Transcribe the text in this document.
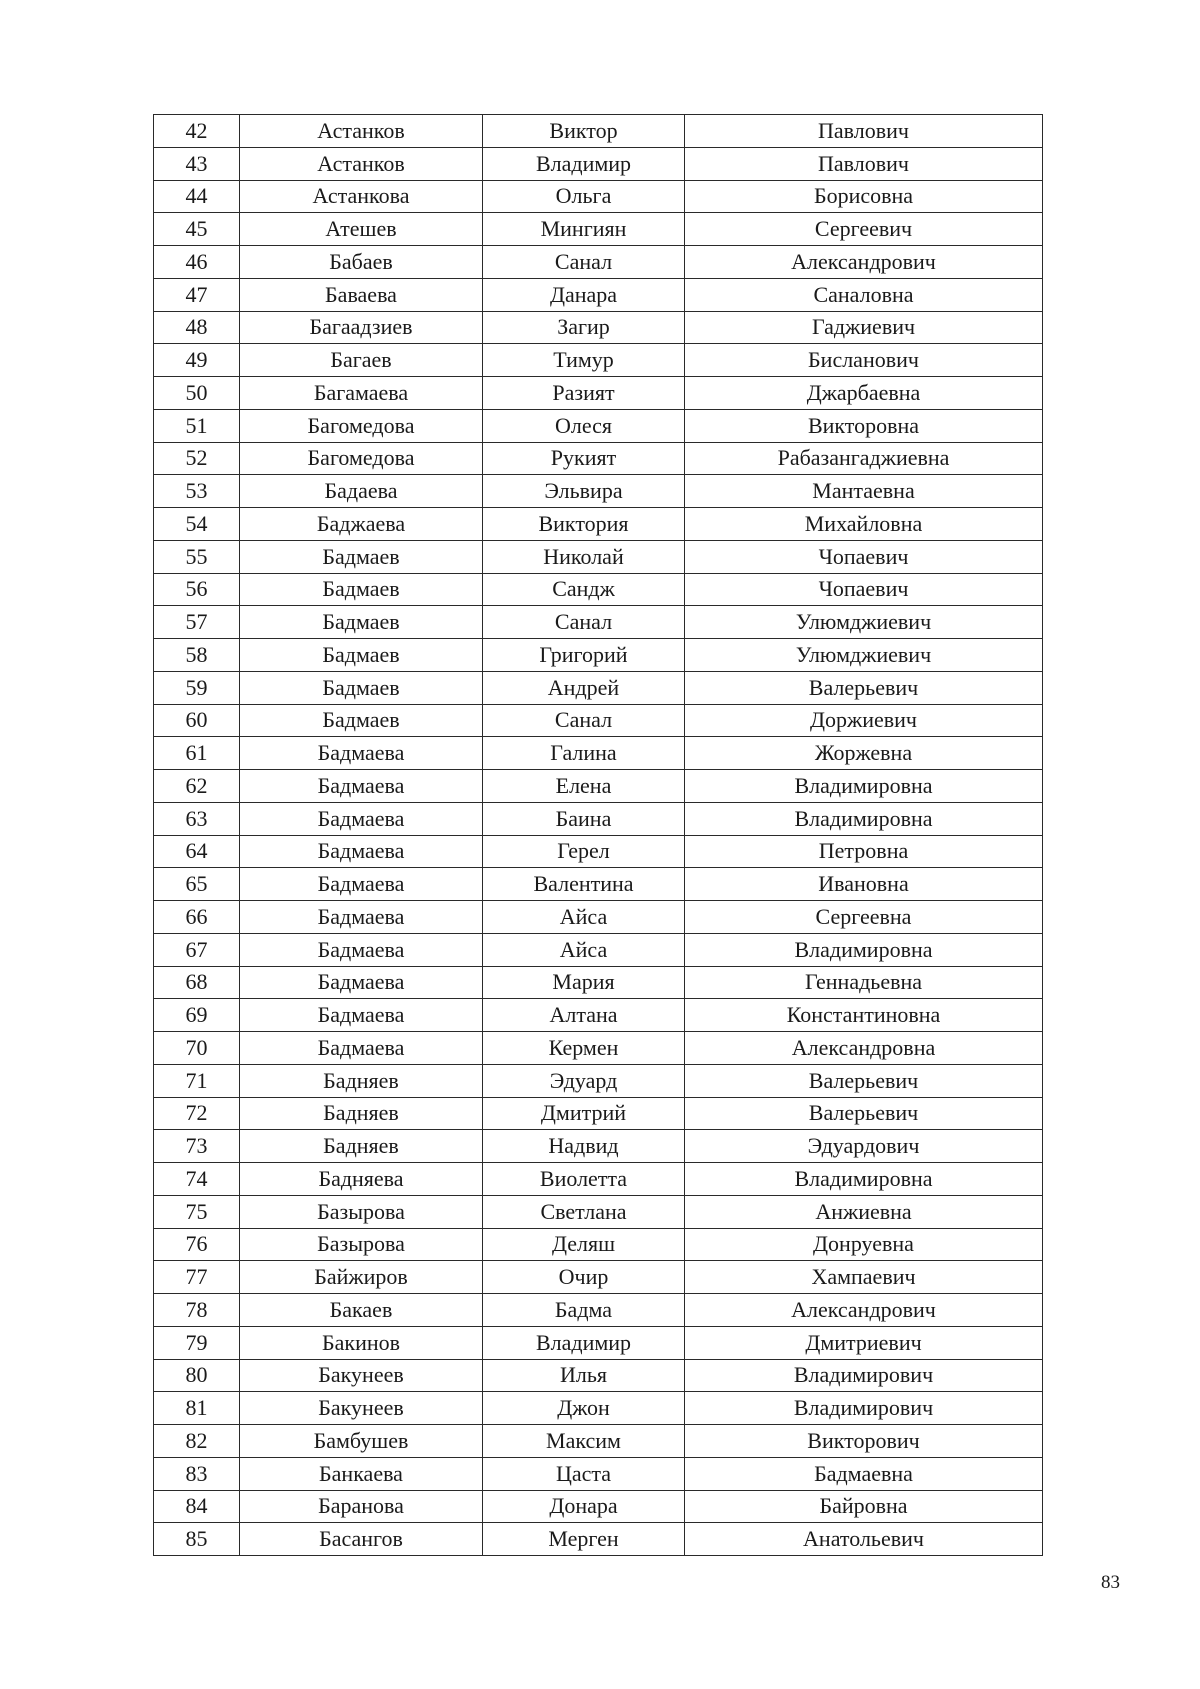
42	Астанков	Виктор	Павлович
43	Астанков	Владимир	Павлович
44	Астанкова	Ольга	Борисовна
45	Атешев	Мингиян	Сергеевич
46	Бабаев	Санал	Александрович
47	Баваева	Данара	Саналовна
48	Багаадзиев	Загир	Гаджиевич
49	Багаев	Тимур	Бисланович
50	Багамаева	Разият	Джарбаевна
51	Багомедова	Олеся	Викторовна
52	Багомедова	Рукият	Рабазангаджиевна
53	Бадаева	Эльвира	Мантаевна
54	Баджаева	Виктория	Михайловна
55	Бадмаев	Николай	Чопаевич
56	Бадмаев	Сандж	Чопаевич
57	Бадмаев	Санал	Улюмджиевич
58	Бадмаев	Григорий	Улюмджиевич
59	Бадмаев	Андрей	Валерьевич
60	Бадмаев	Санал	Доржиевич
61	Бадмаева	Галина	Жоржевна
62	Бадмаева	Елена	Владимировна
63	Бадмаева	Баина	Владимировна
64	Бадмаева	Герел	Петровна
65	Бадмаева	Валентина	Ивановна
66	Бадмаева	Айса	Сергеевна
67	Бадмаева	Айса	Владимировна
68	Бадмаева	Мария	Геннадьевна
69	Бадмаева	Алтана	Константиновна
70	Бадмаева	Кермен	Александровна
71	Бадняев	Эдуард	Валерьевич
72	Бадняев	Дмитрий	Валерьевич
73	Бадняев	Надвид	Эдуардович
74	Бадняева	Виолетта	Владимировна
75	Базырова	Светлана	Анжиевна
76	Базырова	Деляш	Донруевна
77	Байжиров	Очир	Хампаевич
78	Бакаев	Бадма	Александрович
79	Бакинов	Владимир	Дмитриевич
80	Бакунеев	Илья	Владимирович
81	Бакунеев	Джон	Владимирович
82	Бамбушев	Максим	Викторович
83	Банкаева	Цаста	Бадмаевна
84	Баранова	Донара	Байровна
85	Басангов	Мерген	Анатольевич
83
